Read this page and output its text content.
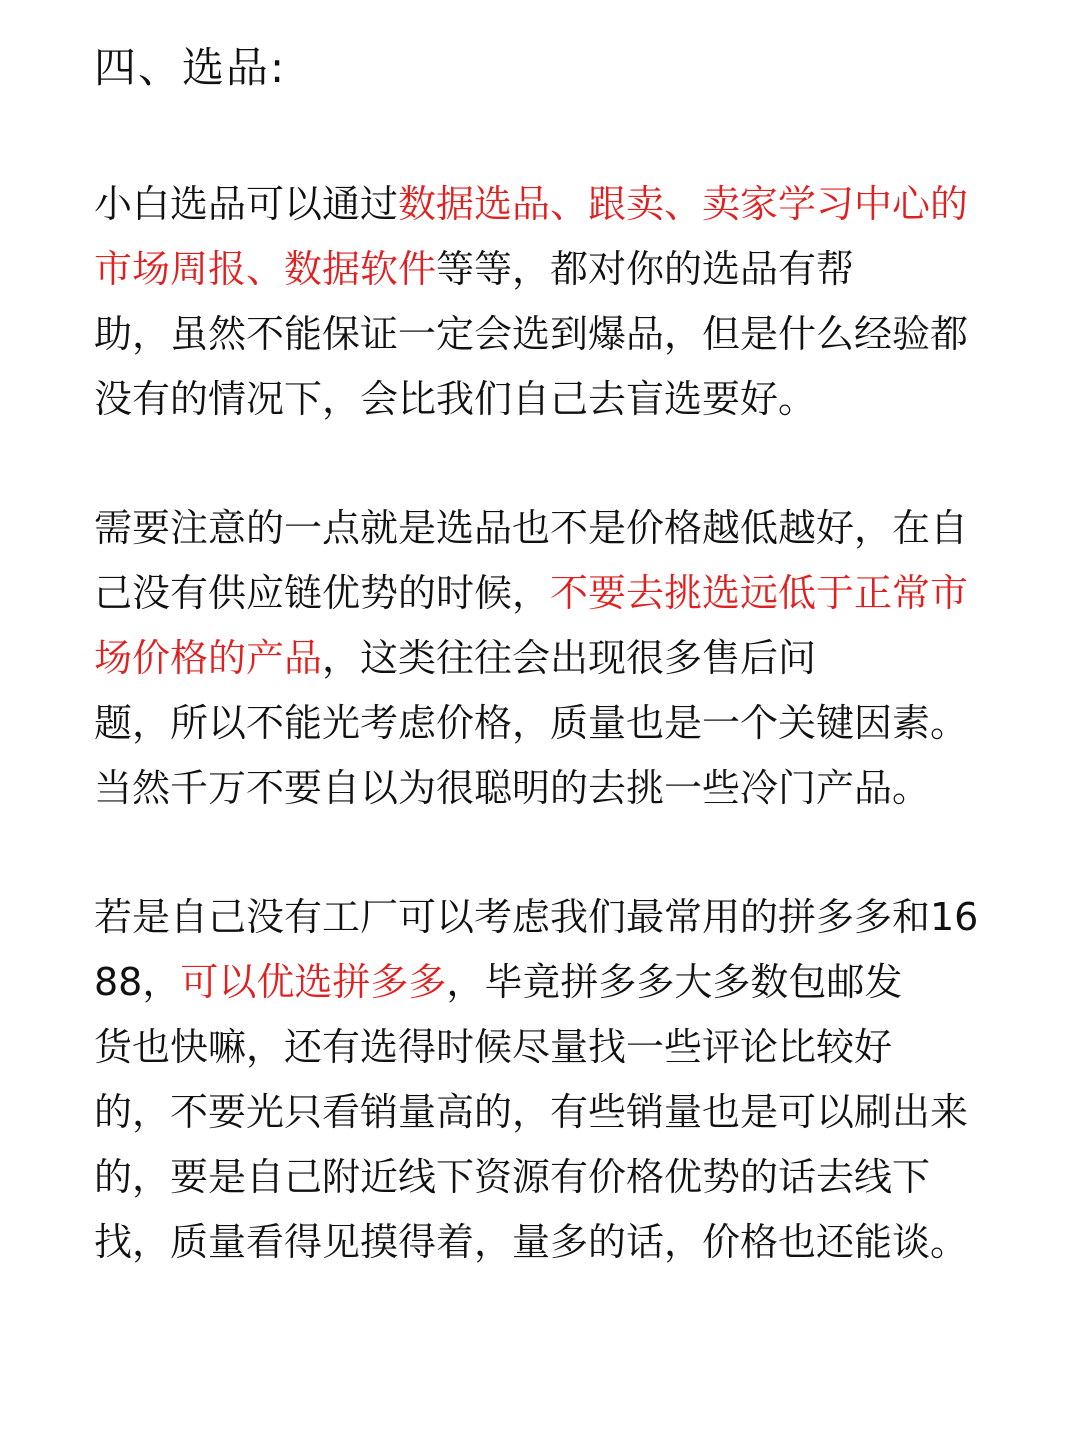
四、选品:

小白选品可以通过数据选品、跟卖、卖家学习中心的市场周报、数据软件等等，都对你的选品有帮
助，虽然不能保证一定会选到爆品，但是什么经验都没有的情况下，会比我们自己去盲选要好。

需要注意的一点就是选品也不是价格越低越好，在自己没有供应链优势的时候，不要去挑选远低于正常市场价格的产品，这类往往会出现很多售后问
题，所以不能光考虑价格，质量也是一个关键因素。当然千万不要自以为很聪明的去挑一些冷门产品。

若是自己没有工厂可以考虑我们最常用的拼多多和1688，可以优选拼多多，毕竟拼多多大多数包邮发
货也快嘛，还有选得时候尽量找一些评论比较好
的，不要光只看销量高的，有些销量也是可以刷出来的，要是自己附近线下资源有价格优势的话去线下找，质量看得见摸得着，量多的话，价格也还能谈。
